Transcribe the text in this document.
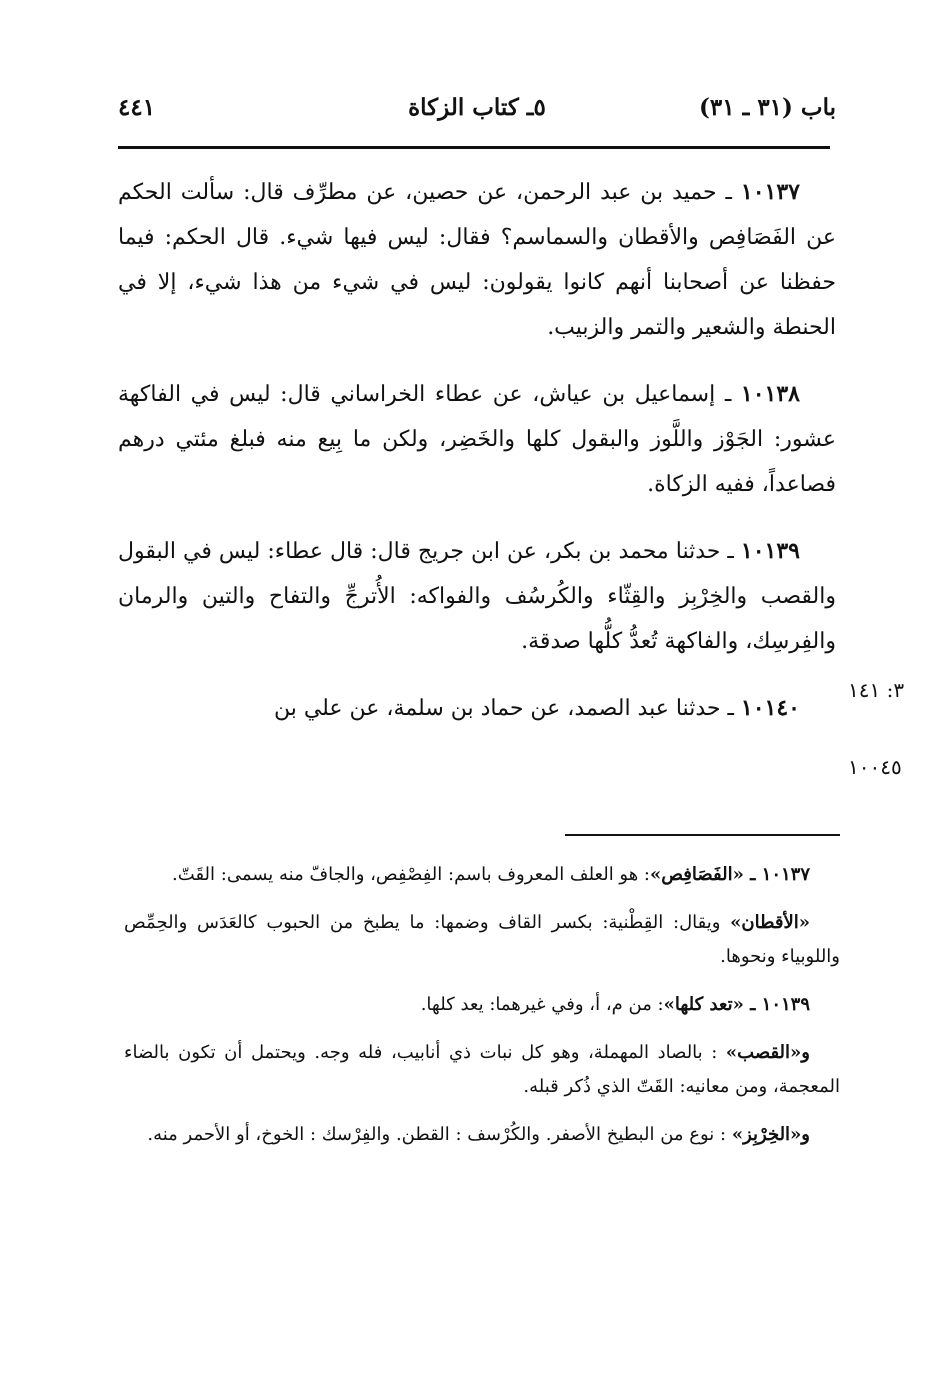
باب (٣١ ـ ٣١)
٥ـ كتاب الزكاة
٤٤١

١٠١٣٧ ـ حميد بن عبد الرحمن، عن حصين، عن مطرِّف قال: سألت الحكم عن الفَصَافِص والأقطان والسماسم؟ فقال: ليس فيها شيء. قال الحكم: فيما حفظنا عن أصحابنا أنهم كانوا يقولون: ليس في شيء من هذا شيء، إلا في الحنطة والشعير والتمر والزبيب.

١٠١٣٨ ـ إسماعيل بن عياش، عن عطاء الخراساني قال: ليس في الفاكهة عشور: الجَوْز واللَّوز والبقول كلها والخَضِر، ولكن ما بِيع منه فبلغ مئتي درهم فصاعداً، ففيه الزكاة.

١٠١٣٩ ـ حدثنا محمد بن بكر، عن ابن جريج قال: قال عطاء: ليس في البقول والقصب والخِرْبِز والقِثّاء والكُرسُف والفواكه: الأُترجِّ والتفاح والتين والرمان والفِرسِك، والفاكهة تُعدُّ كلُّها صدقة.

١٠١٤٠ ـ حدثنا عبد الصمد، عن حماد بن سلمة، عن علي بن

٣: ١٤١
١٠٠٤٥

١٠١٣٧ ـ «الفَصَافِص»: هو العلف المعروف باسم: الفِصْفِص، والجافّ منه يسمى: القَتّ.

«الأقطان» ويقال: القِطْنية: بكسر القاف وضمها: ما يطبخ من الحبوب كالعَدَس والحِمِّص واللوبياء ونحوها.

١٠١٣٩ ـ «تعد كلها»: من م، أ، وفي غيرهما: يعد كلها.

و«القصب» : بالصاد المهملة، وهو كل نبات ذي أنابيب، فله وجه. ويحتمل أن تكون بالضاء المعجمة، ومن معانيه: القَتّ الذي ذُكر قبله.

و«الخِرْبِز» : نوع من البطيخ الأصفر. والكُرْسف : القطن. والفِرْسك : الخوخ، أو الأحمر منه.
